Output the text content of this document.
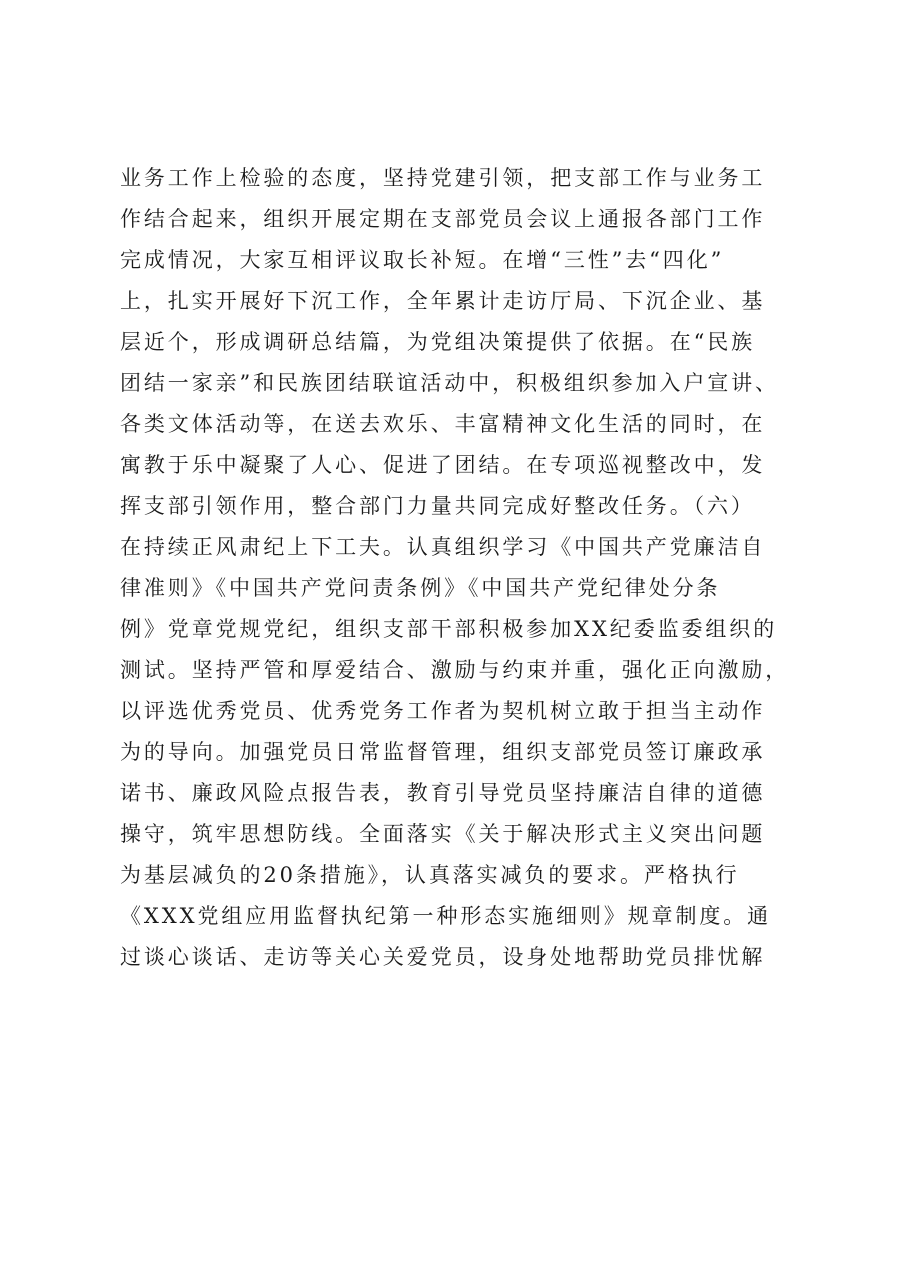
业务工作上检验的态度，坚持党建引领，把支部工作与业务工
作结合起来，组织开展定期在支部党员会议上通报各部门工作
完成情况，大家互相评议取长补短。在增“三性”去“四化”
上，扎实开展好下沉工作，全年累计走访厅局、下沉企业、基
层近个，形成调研总结篇，为党组决策提供了依据。在“民族
团结一家亲”和民族团结联谊活动中，积极组织参加入户宣讲、
各类文体活动等，在送去欢乐、丰富精神文化生活的同时，在
寓教于乐中凝聚了人心、促进了团结。在专项巡视整改中，发
挥支部引领作用，整合部门力量共同完成好整改任务。（六）
在持续正风肃纪上下工夫。认真组织学习《中国共产党廉洁自
律准则》《中国共产党问责条例》《中国共产党纪律处分条
例》党章党规党纪，组织支部干部积极参加XX纪委监委组织的
测试。坚持严管和厚爱结合、激励与约束并重，强化正向激励，
以评选优秀党员、优秀党务工作者为契机树立敢于担当主动作
为的导向。加强党员日常监督管理，组织支部党员签订廉政承
诺书、廉政风险点报告表，教育引导党员坚持廉洁自律的道德
操守，筑牢思想防线。全面落实《关于解决形式主义突出问题
为基层减负的20条措施》，认真落实减负的要求。严格执行
《XXX党组应用监督执纪第一种形态实施细则》规章制度。通
过谈心谈话、走访等关心关爱党员，设身处地帮助党员排忧解
